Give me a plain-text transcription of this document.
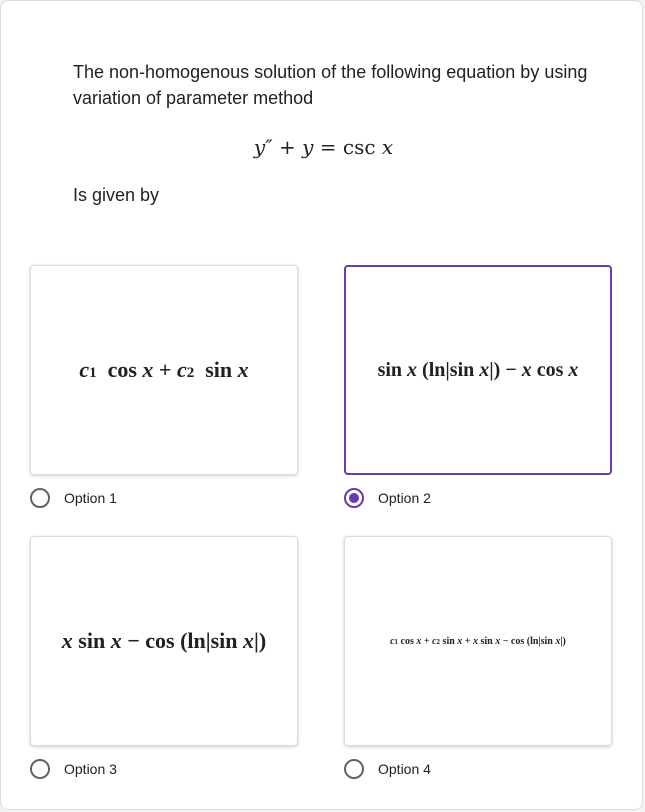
The non-homogenous solution of the following equation by using variation of parameter method
y″ + y = csc x
Is given by
c1  cos x + c2  sin x
Option 1
sin x (ln|sin x|) − x cos x
Option 2
x sin x − cos (ln|sin x|)
Option 3
c1 cos x + c2 sin x + x sin x − cos (ln|sin x|)
Option 4
